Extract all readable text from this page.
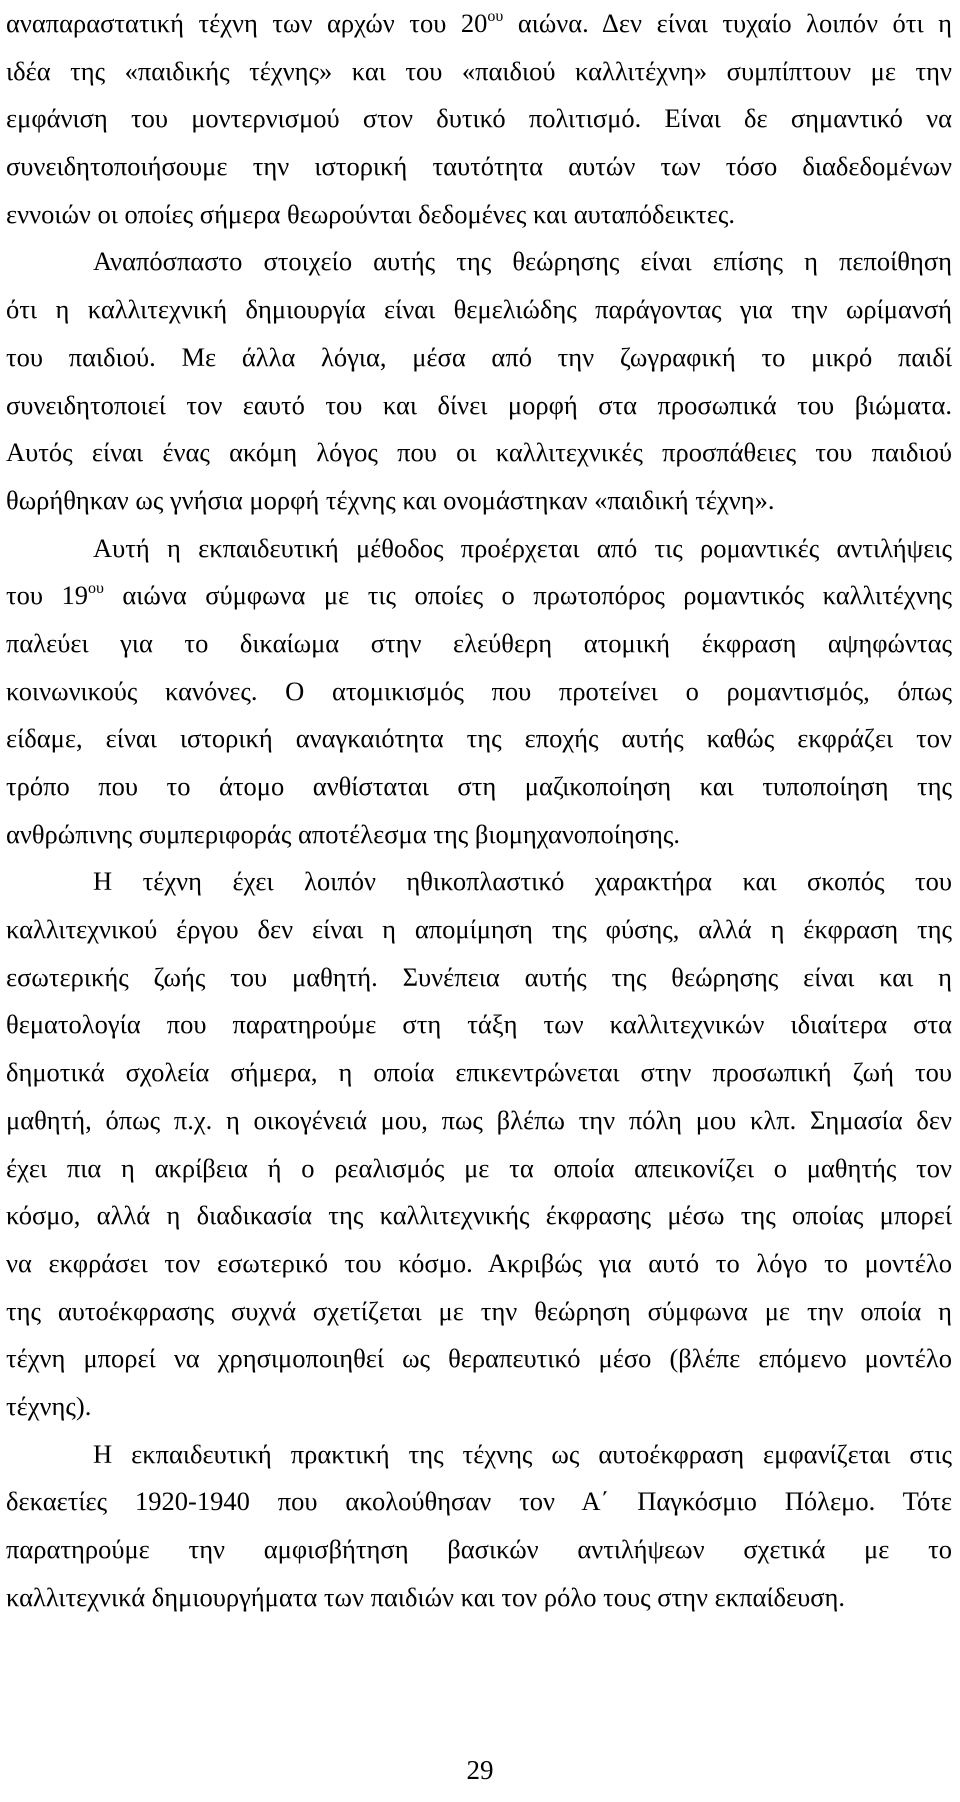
αναπαραστατική τέχνη των αρχών του $20^{o\upsilon}$ αιώνα. Δεν είναι τυχαίο λοιπόν ότι η
ιδέα της «παιδικής τέχνης» και του «παιδιού καλλιτέχνη» συμπίπτουν με την
εμφάνιση του μοντερνισμού στον δυτικό πολιτισμό. Είναι δε σημαντικό να
συνειδητοποιήσουμε την ιστορική ταυτότητα αυτών των τόσο διαδεδομένων
εννοιών οι οποίες σήμερα θεωρούνται δεδομένες και αυταπόδεικτες.
Αναπόσπαστο στοιχείο αυτής της θεώρησης είναι επίσης η πεποίθηση
ότι η καλλιτεχνική δημιουργία είναι θεμελιώδης παράγοντας για την ωρίμανσή
του παιδιού. Με άλλα λόγια, μέσα από την ζωγραφική το μικρό παιδί
συνειδητοποιεί τον εαυτό του και δίνει μορφή στα προσωπικά του βιώματα.
Αυτός είναι ένας ακόμη λόγος που οι καλλιτεχνικές προσπάθειες του παιδιού
θωρήθηκαν ως γνήσια μορφή τέχνης και ονομάστηκαν «παιδική τέχνη».
Αυτή η εκπαιδευτική μέθοδος προέρχεται από τις ρομαντικές αντιλήψεις
του $19^{o\upsilon}$ αιώνα σύμφωνα με τις οποίες ο πρωτοπόρος ρομαντικός καλλιτέχνης
παλεύει για το δικαίωμα στην ελεύθερη ατομική έκφραση αψηφώντας
κοινωνικούς κανόνες. Ο ατομικισμός που προτείνει ο ρομαντισμός, όπως
είδαμε, είναι ιστορική αναγκαιότητα της εποχής αυτής καθώς εκφράζει τον
τρόπο που το άτομο ανθίσταται στη μαζικοποίηση και τυποποίηση της
ανθρώπινης συμπεριφοράς αποτέλεσμα της βιομηχανοποίησης.
Η τέχνη έχει λοιπόν ηθικοπλαστικό χαρακτήρα και σκοπός του
καλλιτεχνικού έργου δεν είναι η απομίμηση της φύσης, αλλά η έκφραση της
εσωτερικής ζωής του μαθητή. Συνέπεια αυτής της θεώρησης είναι και η
θεματολογία που παρατηρούμε στη τάξη των καλλιτεχνικών ιδιαίτερα στα
δημοτικά σχολεία σήμερα, η οποία επικεντρώνεται στην προσωπική ζωή του
μαθητή, όπως π.χ. η οικογένειά μου, πως βλέπω την πόλη μου κλπ. Σημασία δεν
έχει πια η ακρίβεια ή ο ρεαλισμός με τα οποία απεικονίζει ο μαθητής τον
κόσμο, αλλά η διαδικασία της καλλιτεχνικής έκφρασης μέσω της οποίας μπορεί
να εκφράσει τον εσωτερικό του κόσμο. Ακριβώς για αυτό το λόγο το μοντέλο
της αυτοέκφρασης συχνά σχετίζεται με την θεώρηση σύμφωνα με την οποία η
τέχνη μπορεί να χρησιμοποιηθεί ως θεραπευτικό μέσο (βλέπε επόμενο μοντέλο
τέχνης).
Η εκπαιδευτική πρακτική της τέχνης ως αυτοέκφραση εμφανίζεται στις
δεκαετίες 1920-1940 που ακολούθησαν τον Α΄ Παγκόσμιο Πόλεμο. Τότε
παρατηρούμε την αμφισβήτηση βασικών αντιλήψεων σχετικά με το
καλλιτεχνικά δημιουργήματα των παιδιών και τον ρόλο τους στην εκπαίδευση.
29
